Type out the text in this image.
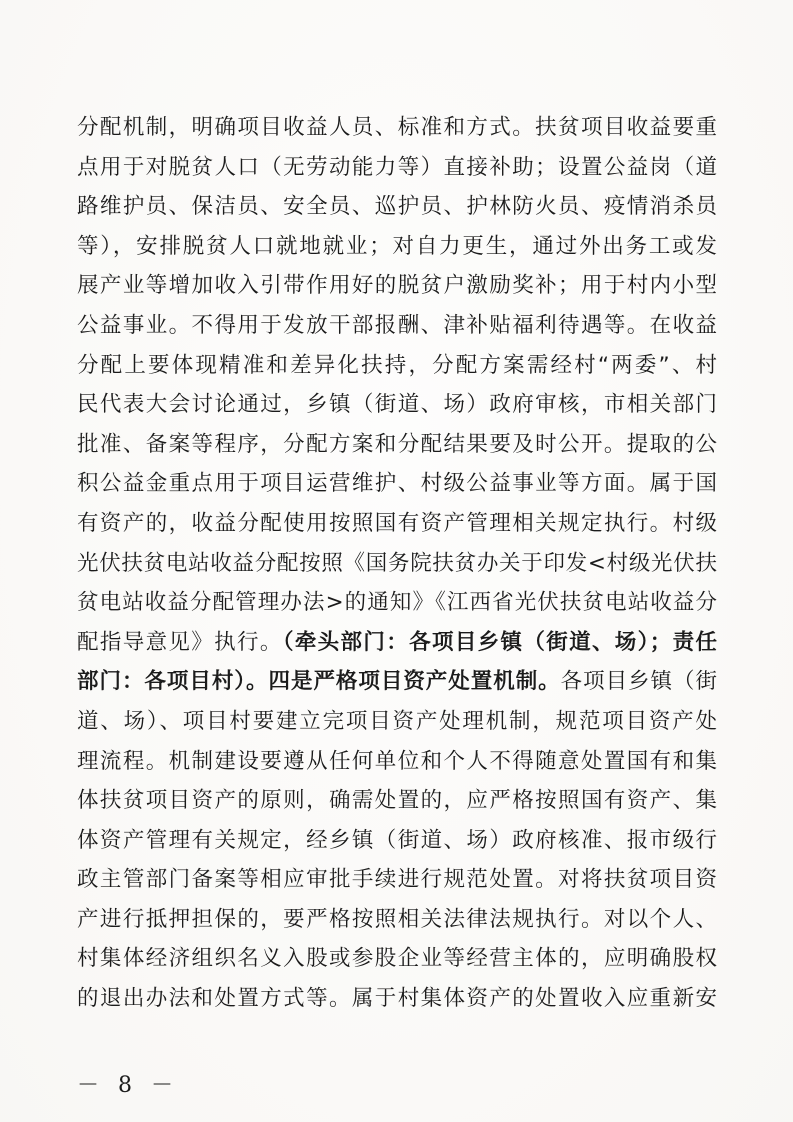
分配机制，明确项目收益人员、标准和方式。扶贫项目收益要重
点用于对脱贫人口（无劳动能力等）直接补助；设置公益岗（道
路维护员、保洁员、安全员、巡护员、护林防火员、疫情消杀员
等），安排脱贫人口就地就业；对自力更生，通过外出务工或发
展产业等增加收入引带作用好的脱贫户激励奖补；用于村内小型
公益事业。不得用于发放干部报酬、津补贴福利待遇等。在收益
分配上要体现精准和差异化扶持，分配方案需经村“两委”、村
民代表大会讨论通过，乡镇（街道、场）政府审核，市相关部门
批准、备案等程序，分配方案和分配结果要及时公开。提取的公
积公益金重点用于项目运营维护、村级公益事业等方面。属于国
有资产的，收益分配使用按照国有资产管理相关规定执行。村级
光伏扶贫电站收益分配按照《国务院扶贫办关于印发<村级光伏扶
贫电站收益分配管理办法>的通知》《江西省光伏扶贫电站收益分
配指导意见》执行。（牵头部门：各项目乡镇（街道、场）；责任
部门：各项目村）。四是严格项目资产处置机制。各项目乡镇（街
道、场）、项目村要建立完项目资产处理机制，规范项目资产处
理流程。机制建设要遵从任何单位和个人不得随意处置国有和集
体扶贫项目资产的原则，确需处置的，应严格按照国有资产、集
体资产管理有关规定，经乡镇（街道、场）政府核准、报市级行
政主管部门备案等相应审批手续进行规范处置。对将扶贫项目资
产进行抵押担保的，要严格按照相关法律法规执行。对以个人、
村集体经济组织名义入股或参股企业等经营主体的，应明确股权
的退出办法和处置方式等。属于村集体资产的处置收入应重新安
－ 8 －
